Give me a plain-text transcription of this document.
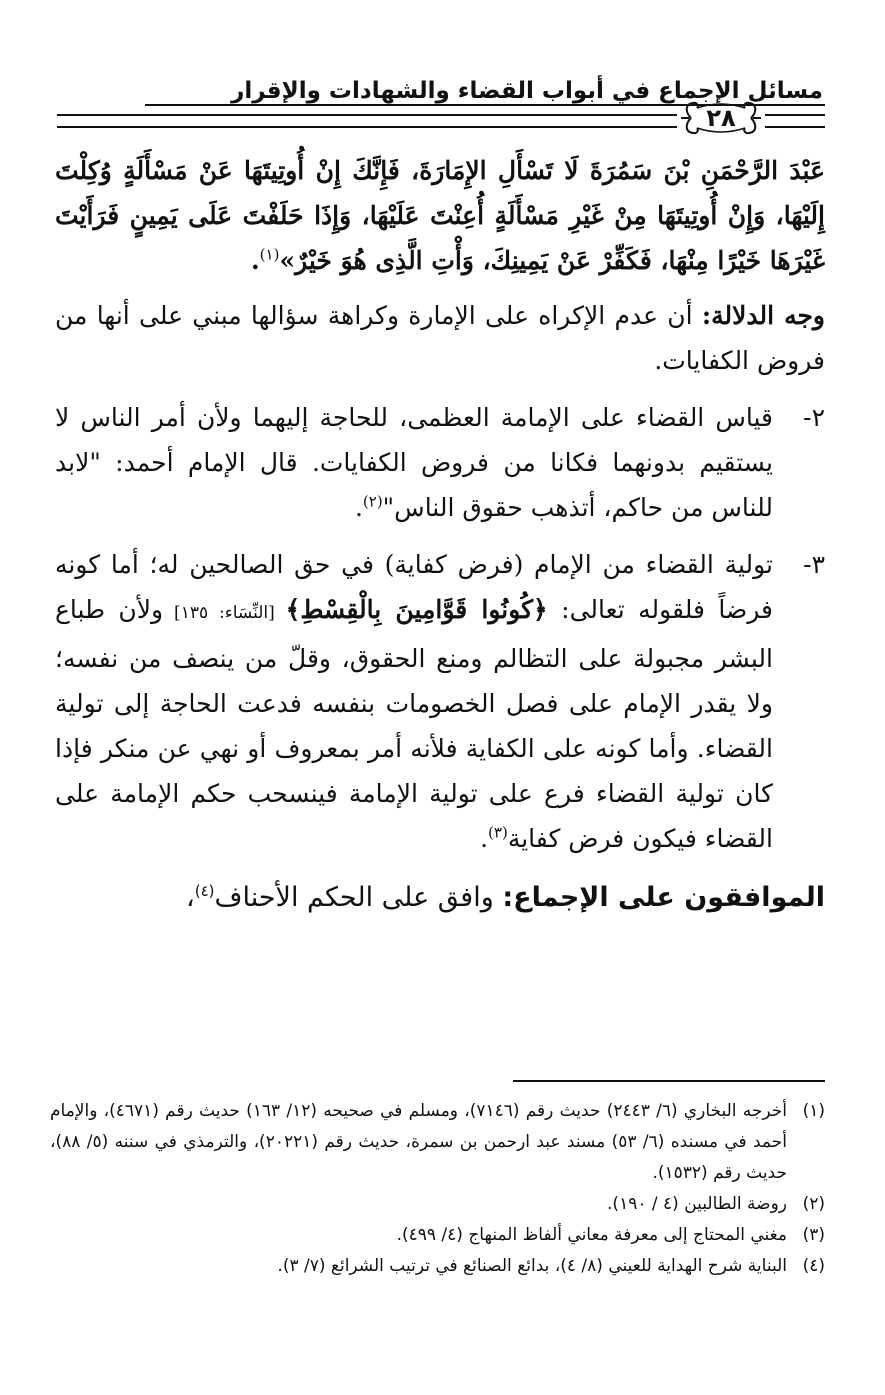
مسائل الإجماع في أبواب القضاء والشهادات والإقرار
٢٨

عَبْدَ الرَّحْمَنِ بْنَ سَمُرَةَ لَا تَسْأَلِ الإِمَارَةَ، فَإِنَّكَ إِنْ أُوتِيتَهَا عَنْ مَسْأَلَةٍ وُكِلْتَ إِلَيْهَا، وَإِنْ أُوتِيتَهَا مِنْ غَيْرِ مَسْأَلَةٍ أُعِنْتَ عَلَيْهَا، وَإِذَا حَلَفْتَ عَلَى يَمِينٍ فَرَأَيْتَ غَيْرَهَا خَيْرًا مِنْهَا، فَكَفِّرْ عَنْ يَمِينِكَ، وَأْتِ الَّذِى هُوَ خَيْرٌ»$^{(١)}$.

وجه الدلالة: أن عدم الإكراه على الإمارة وكراهة سؤالها مبني على أنها من فروض الكفايات.

٢-
قياس القضاء على الإمامة العظمى، للحاجة إليهما ولأن أمر الناس لا يستقيم بدونهما فكانا من فروض الكفايات. قال الإمام أحمد: "لابد للناس من حاكم، أتذهب حقوق الناس"$^{(٢)}$.
٣-
تولية القضاء من الإمام (فرض كفاية) في حق الصالحين له؛ أما كونه فرضاً فلقوله تعالى: ﴿كُونُوا قَوَّامِينَ بِالْقِسْطِ﴾ [النِّسَاء: ١٣٥] ولأن طباع البشر مجبولة على التظالم ومنع الحقوق، وقلّ من ينصف من نفسه؛ ولا يقدر الإمام على فصل الخصومات بنفسه فدعت الحاجة إلى تولية القضاء. وأما كونه على الكفاية فلأنه أمر بمعروف أو نهي عن منكر فإذا كان تولية القضاء فرع على تولية الإمامة فينسحب حكم الإمامة على القضاء فيكون فرض كفاية$^{(٣)}$.

الموافقون على الإجماع: وافق على الحكم الأحناف$^{(٤)}$،

(١)
أخرجه البخاري (٦/ ٢٤٤٣) حديث رقم (٧١٤٦)، ومسلم في صحيحه (١٢/ ١٦٣) حديث رقم (٤٦٧١)، والإمام أحمد في مسنده (٦/ ٥٣) مسند عبد ارحمن بن سمرة، حديث رقم (٢٠٢٢١)، والترمذي في سننه (٥/ ٨٨)، حديث رقم (١٥٣٢).
(٢)
روضة الطالبين (٤ / ١٩٠).
(٣)
مغني المحتاج إلى معرفة معاني ألفاظ المنهاج (٤/ ٤٩٩).
(٤)
البناية شرح الهداية للعيني (٨/ ٤)، بدائع الصنائع في ترتيب الشرائع (٧/ ٣).
